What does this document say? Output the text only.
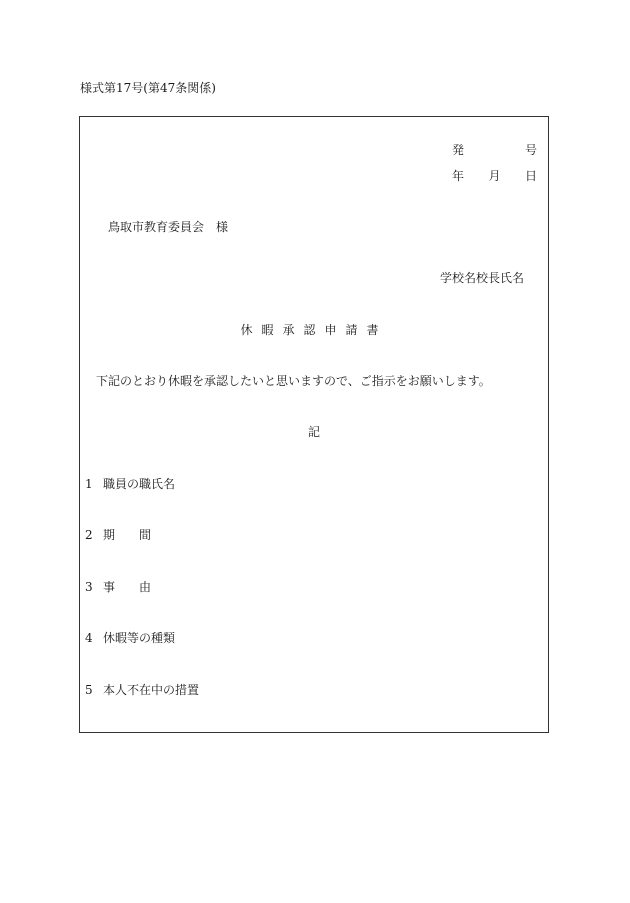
様式第17号(第47条関係)
発	号
年 月 日
鳥取市教育委員会　様
学校名校長氏名
休暇承認申請書
下記のとおり休暇を承認したいと思いますので、ご指示をお願いします。
記
1 職員の職氏名
2 期　　間
3 事　　由
4 休暇等の種類
5 本人不在中の措置
